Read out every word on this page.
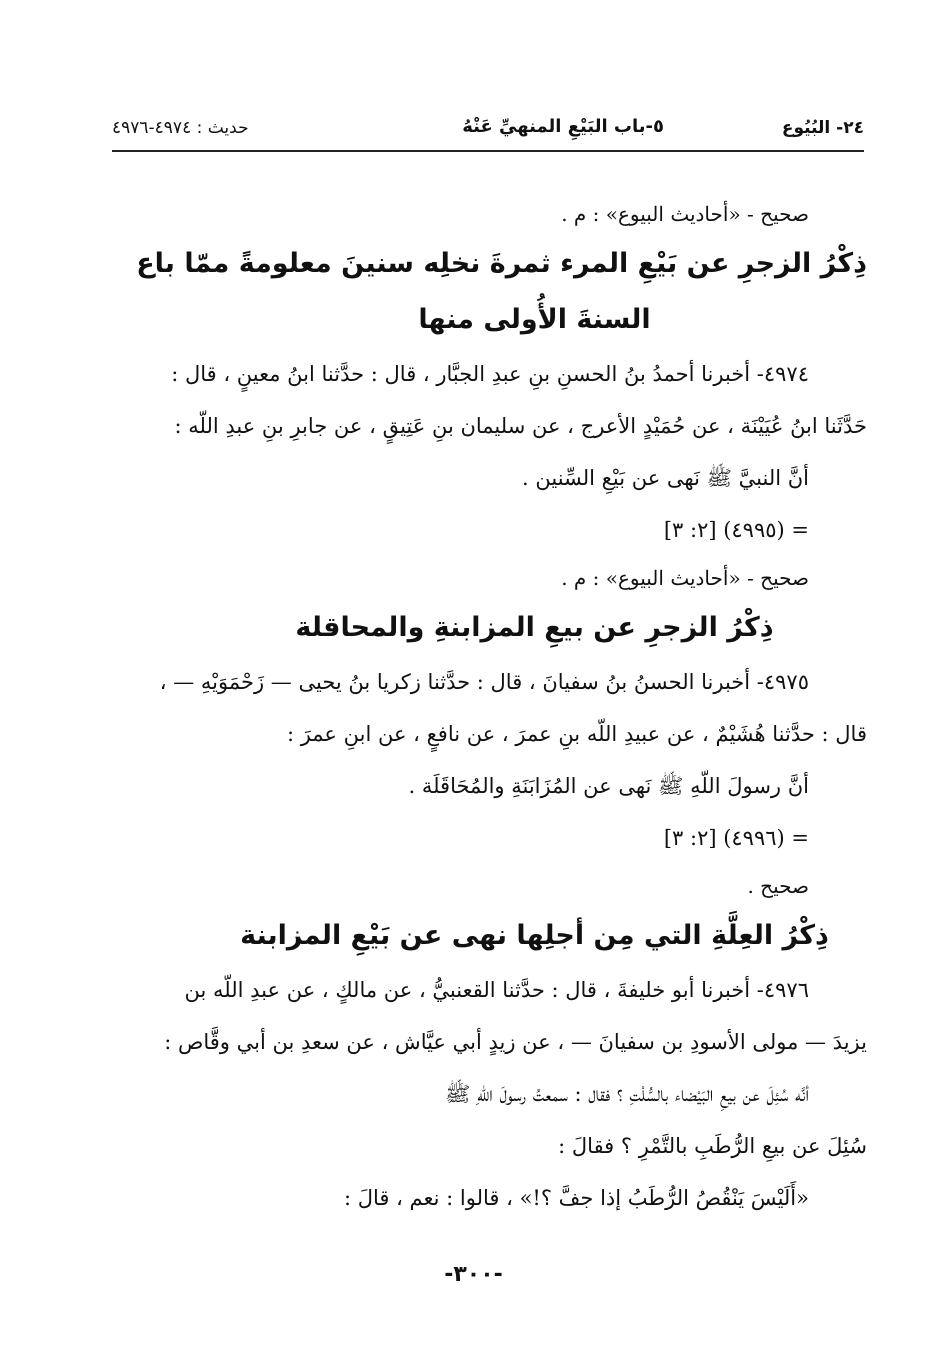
٢٤- البُيُوع
٥-باب البَيْعِ المنهيِّ عَنْهُ
حديث : ٤٩٧٤-٤٩٧٦
صحيح - «أحاديث البيوع» : م .
ذِكْرُ الزجرِ عن بَيْعِ المرء ثمرةَ نخلِه سنينَ معلومةً ممّا باع
السنةَ الأُولى منها
٤٩٧٤- أخبرنا أحمدُ بنُ الحسنِ بنِ عبدِ الجبَّار ، قال : حدَّثنا ابنُ معينٍ ، قال :
حَدَّثَنا ابنُ عُيَيْنَة ، عن حُمَيْدٍ الأعرج ، عن سليمان بنِ عَتِيقٍ ، عن جابرِ بنِ عبدِ اللّه :
أنَّ النبيَّ ﷺ نَهى عن بَيْعِ السِّنين .
= (٤٩٩٥) [٢: ٣]
صحيح - «أحاديث البيوع» : م .
ذِكْرُ الزجرِ عن بيعِ المزابنةِ والمحاقلة
٤٩٧٥- أخبرنا الحسنُ بنُ سفيانَ ، قال : حدَّثنا زكريا بنُ يحيى — زَحْمَوَيْهِ — ،
قال : حدَّثنا هُشَيْمٌ ، عن عبيدِ اللّه بنِ عمرَ ، عن نافعٍ ، عن ابنِ عمرَ :
أنَّ رسولَ اللّهِ ﷺ نَهى عن المُزَابَنَةِ والمُحَاقَلَة .
= (٤٩٩٦) [٢: ٣]
صحيح .
ذِكْرُ العِلَّةِ التي مِن أجلِها نهى عن بَيْعِ المزابنة
٤٩٧٦- أخبرنا أبو خليفةَ ، قال : حدَّثنا القعنبيُّ ، عن مالكٍ ، عن عبدِ اللّه بن
يزيدَ — مولى الأسودِ بن سفيانَ — ، عن زيدٍ أبي عيَّاش ، عن سعدِ بن أبي وقَّاص :
أنَّه سُئِلَ عن بيعِ البَيْضاء بالسُّلْتِ ؟ فقال : سمعتُ رسولَ اللّهِ ﷺ
سُئِلَ عن بيعِ الرُّطَبِ بالتَّمْرِ ؟ فقالَ :
«أَلَيْسَ يَنْقُصُ الرُّطَبُ إذا جفَّ ؟!» ، قالوا : نعم ، قالَ :
-٣٠٠-
